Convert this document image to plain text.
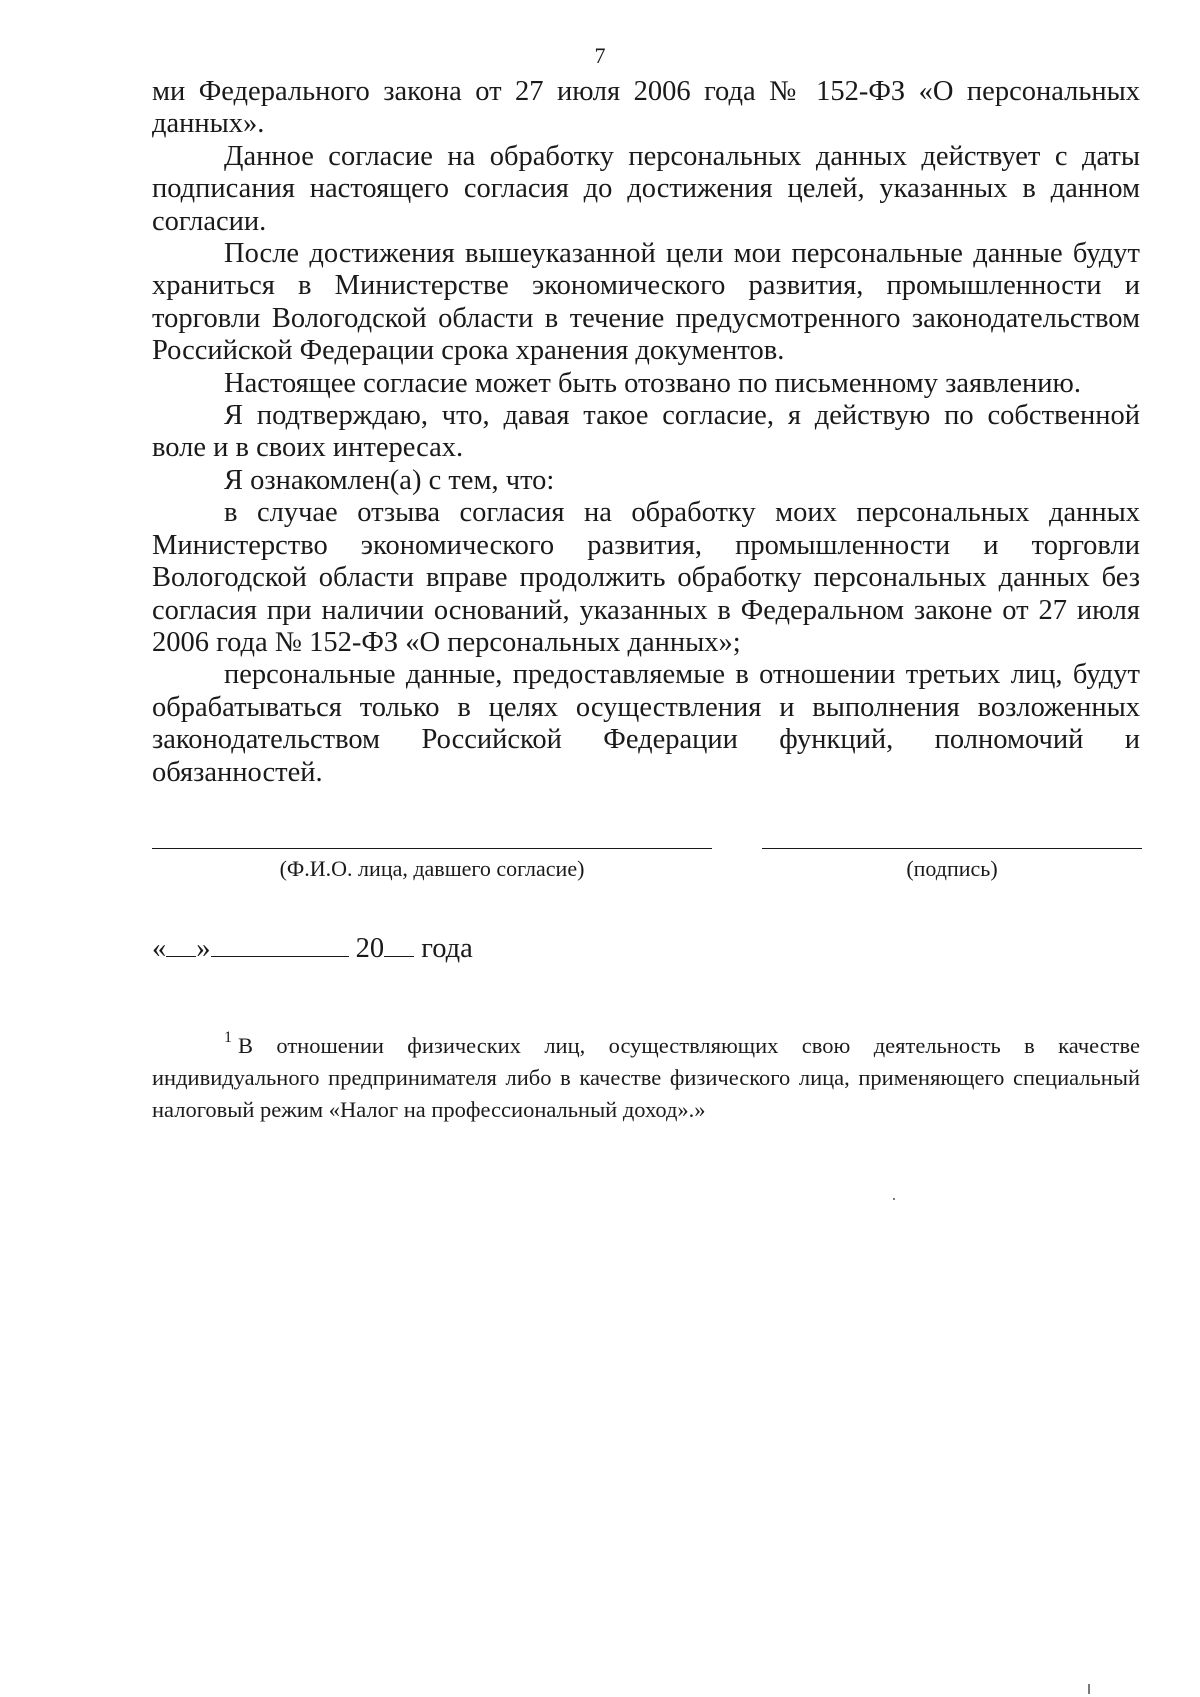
7

ми Федерального закона от 27 июля 2006 года № 152-ФЗ «О персональных данных».

Данное согласие на обработку персональных данных действует с даты подписания настоящего согласия до достижения целей, указанных в данном согласии.

После достижения вышеуказанной цели мои персональные данные будут храниться в Министерстве экономического развития, промышленности и торговли Вологодской области в течение предусмотренного законодательством Российской Федерации срока хранения документов.

Настоящее согласие может быть отозвано по письменному заявлению.

Я подтверждаю, что, давая такое согласие, я действую по собственной воле и в своих интересах.

Я ознакомлен(а) с тем, что:

в случае отзыва согласия на обработку моих персональных данных Министерство экономического развития, промышленности и торговли Вологодской области вправе продолжить обработку персональных данных без согласия при наличии оснований, указанных в Федеральном законе от 27 июля 2006 года № 152-ФЗ «О персональных данных»;

персональные данные, предоставляемые в отношении третьих лиц, будут обрабатываться только в целях осуществления и выполнения возложенных законодательством Российской Федерации функций, полномочий и обязанностей.

(Ф.И.О. лица, давшего согласие)	(подпись)
« »	20 года
$^1$ В отношении физических лиц, осуществляющих свою деятельность в качестве индивидуального предпринимателя либо в качестве физического лица, применяющего специальный налоговый режим «Налог на профессиональный доход».»
